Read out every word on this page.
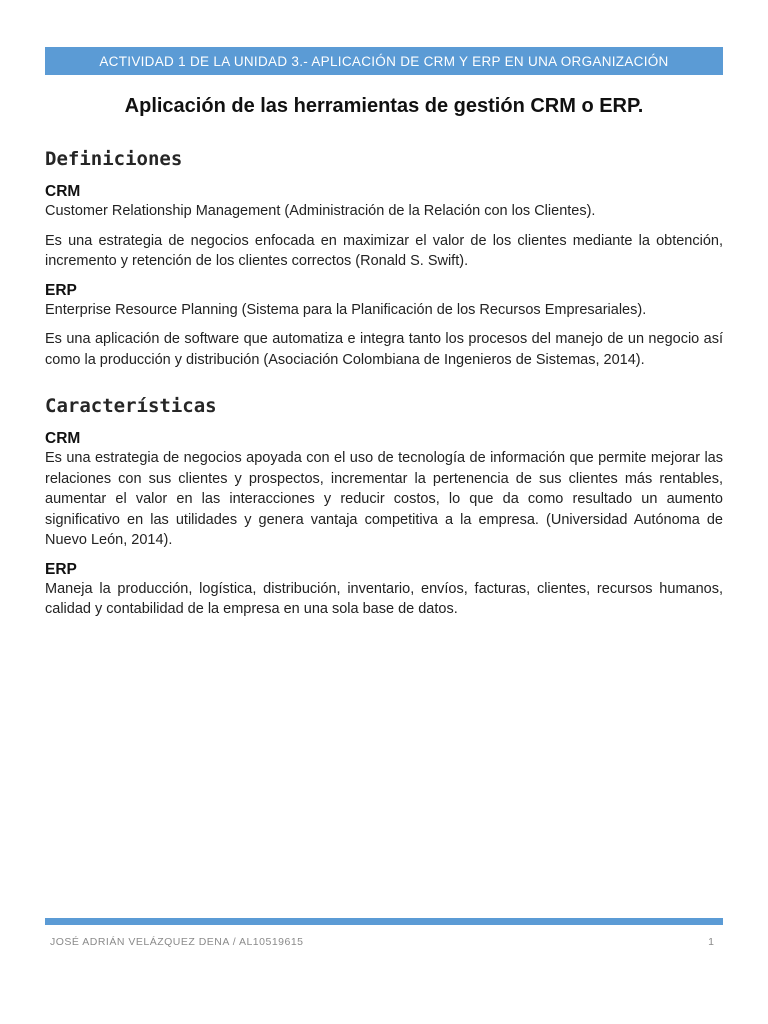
ACTIVIDAD 1 DE LA UNIDAD 3.- APLICACIÓN DE CRM Y ERP EN UNA ORGANIZACIÓN
Aplicación de las herramientas de gestión CRM o ERP.
Definiciones

CRM

Customer Relationship Management (Administración de la Relación con los Clientes).

Es una estrategia de negocios enfocada en maximizar el valor de los clientes mediante la obtención, incremento y retención de los clientes correctos (Ronald S. Swift).

ERP

Enterprise Resource Planning (Sistema para la Planificación de los Recursos Empresariales).

Es una aplicación de software que automatiza e integra tanto los procesos del manejo de un negocio así como la producción y distribución (Asociación Colombiana de Ingenieros de Sistemas, 2014).

Características

CRM

Es una estrategia de negocios apoyada con el uso de tecnología de información que permite mejorar las relaciones con sus clientes y prospectos, incrementar la pertenencia de sus clientes más rentables, aumentar el valor en las interacciones y reducir costos, lo que da como resultado un aumento significativo en las utilidades y genera vantaja competitiva a la empresa. (Universidad Autónoma de Nuevo León, 2014).

ERP

Maneja la producción, logística, distribución, inventario, envíos, facturas, clientes, recursos humanos, calidad y contabilidad de la empresa en una sola base de datos.

JOSÉ ADRIÁN VELÁZQUEZ DENA / AL10519615	1
